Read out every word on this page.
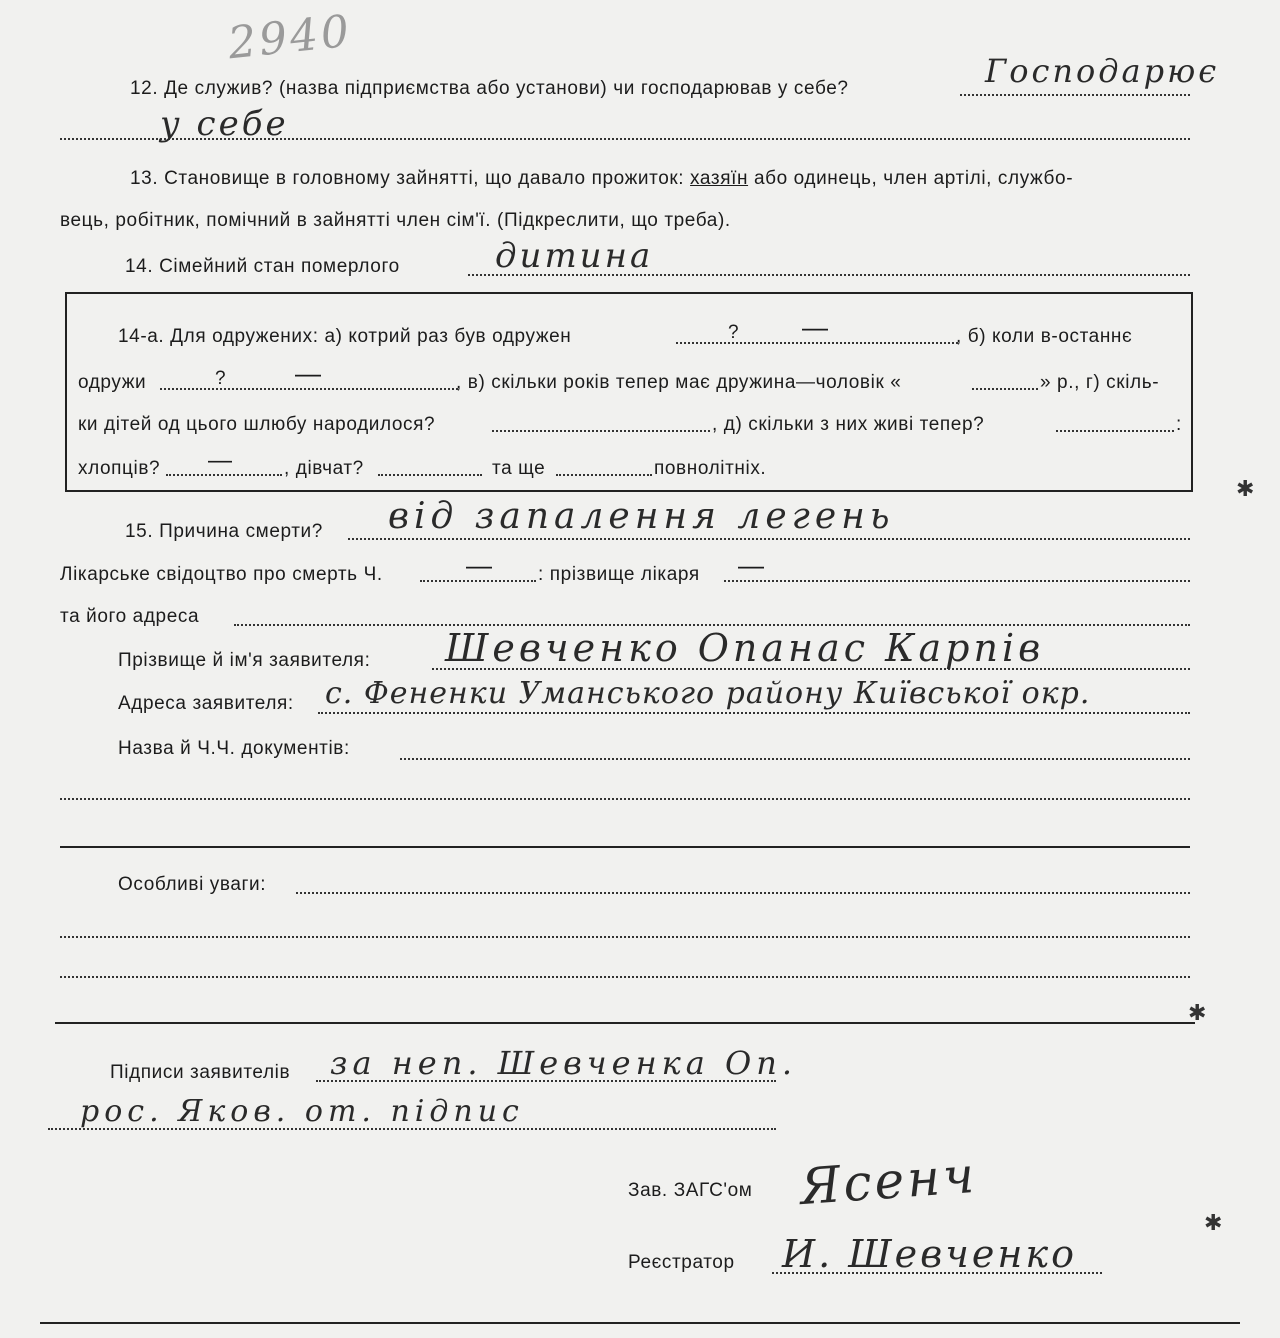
2940
12. Де служив? (назва підприємства або установи) чи господарював у себе?	Господарює
у себе
13. Становище в головному зайнятті, що давало прожиток: хазяїн або одинець, член артілі, службо-
вець, робітник, помічний в зайнятті член сім'ї. (Підкреслити, що треба).
14. Сімейний стан померлого	дитина
14-а. Для одружених: а) котрий раз був одружен	? —	, б) коли в-останнє
одружи	?	—	, в) скільки років тепер має дружина—чоловік «	» р., г) скіль-
ки дітей од цього шлюбу народилося?	, д) скільки з них живі тепер?	:
хлопців? —	, дівчат?	та ще	повнолітніх.
15. Причина смерти? від запалення легень
Лікарське свідоцтво про смерть Ч.	— : прізвище лікаря —
та його адреса
Прізвище й ім'я заявителя: Шевченко Опанас Карпів
Адреса заявителя: с. Фененки Уманського району Київської окр.
Назва й Ч.Ч. документів:
Особливі уваги:
Підписи заявителів за неп. Шевченка Оп.
рос. Яков. от. підпис
Зав. ЗАГС'ом Ясенч
Реєстратор И. Шевченко
✱
✱
✱
